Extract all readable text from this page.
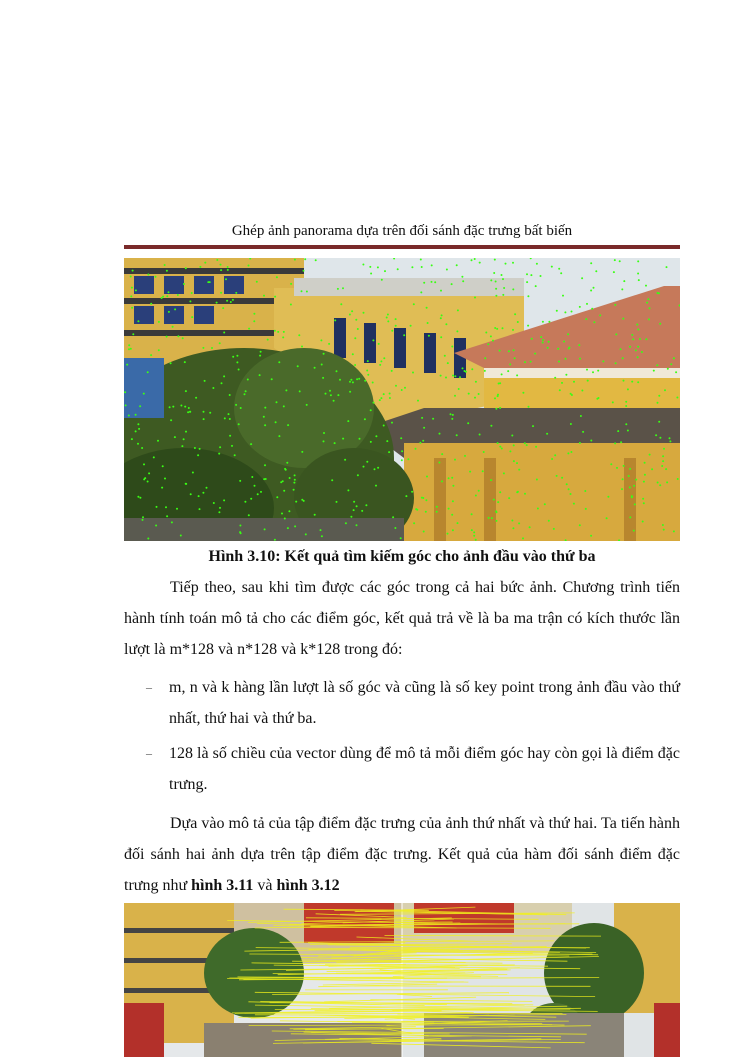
Ghép ảnh panorama dựa trên đối sánh đặc trưng bất biến
Hình 3.10: Kết quả tìm kiếm góc cho ảnh đầu vào thứ ba
Tiếp theo, sau khi tìm được các góc trong cả hai bức ảnh. Chương trình tiến hành tính toán mô tả cho các điểm góc, kết quả trả về là ba ma trận có kích thước lần lượt là m*128 và n*128 và k*128 trong đó:
– m, n và k hàng lần lượt là số góc và cũng là số key point trong ảnh đầu vào thứ nhất, thứ hai và thứ ba.
– 128 là số chiều của vector dùng để mô tả mỗi điểm góc hay còn gọi là điểm đặc trưng.
Dựa vào mô tả của tập điểm đặc trưng của ảnh thứ nhất và thứ hai. Ta tiến hành đối sánh hai ảnh dựa trên tập điểm đặc trưng. Kết quả của hàm đối sánh điểm đặc trưng như hình 3.11 và hình 3.12
